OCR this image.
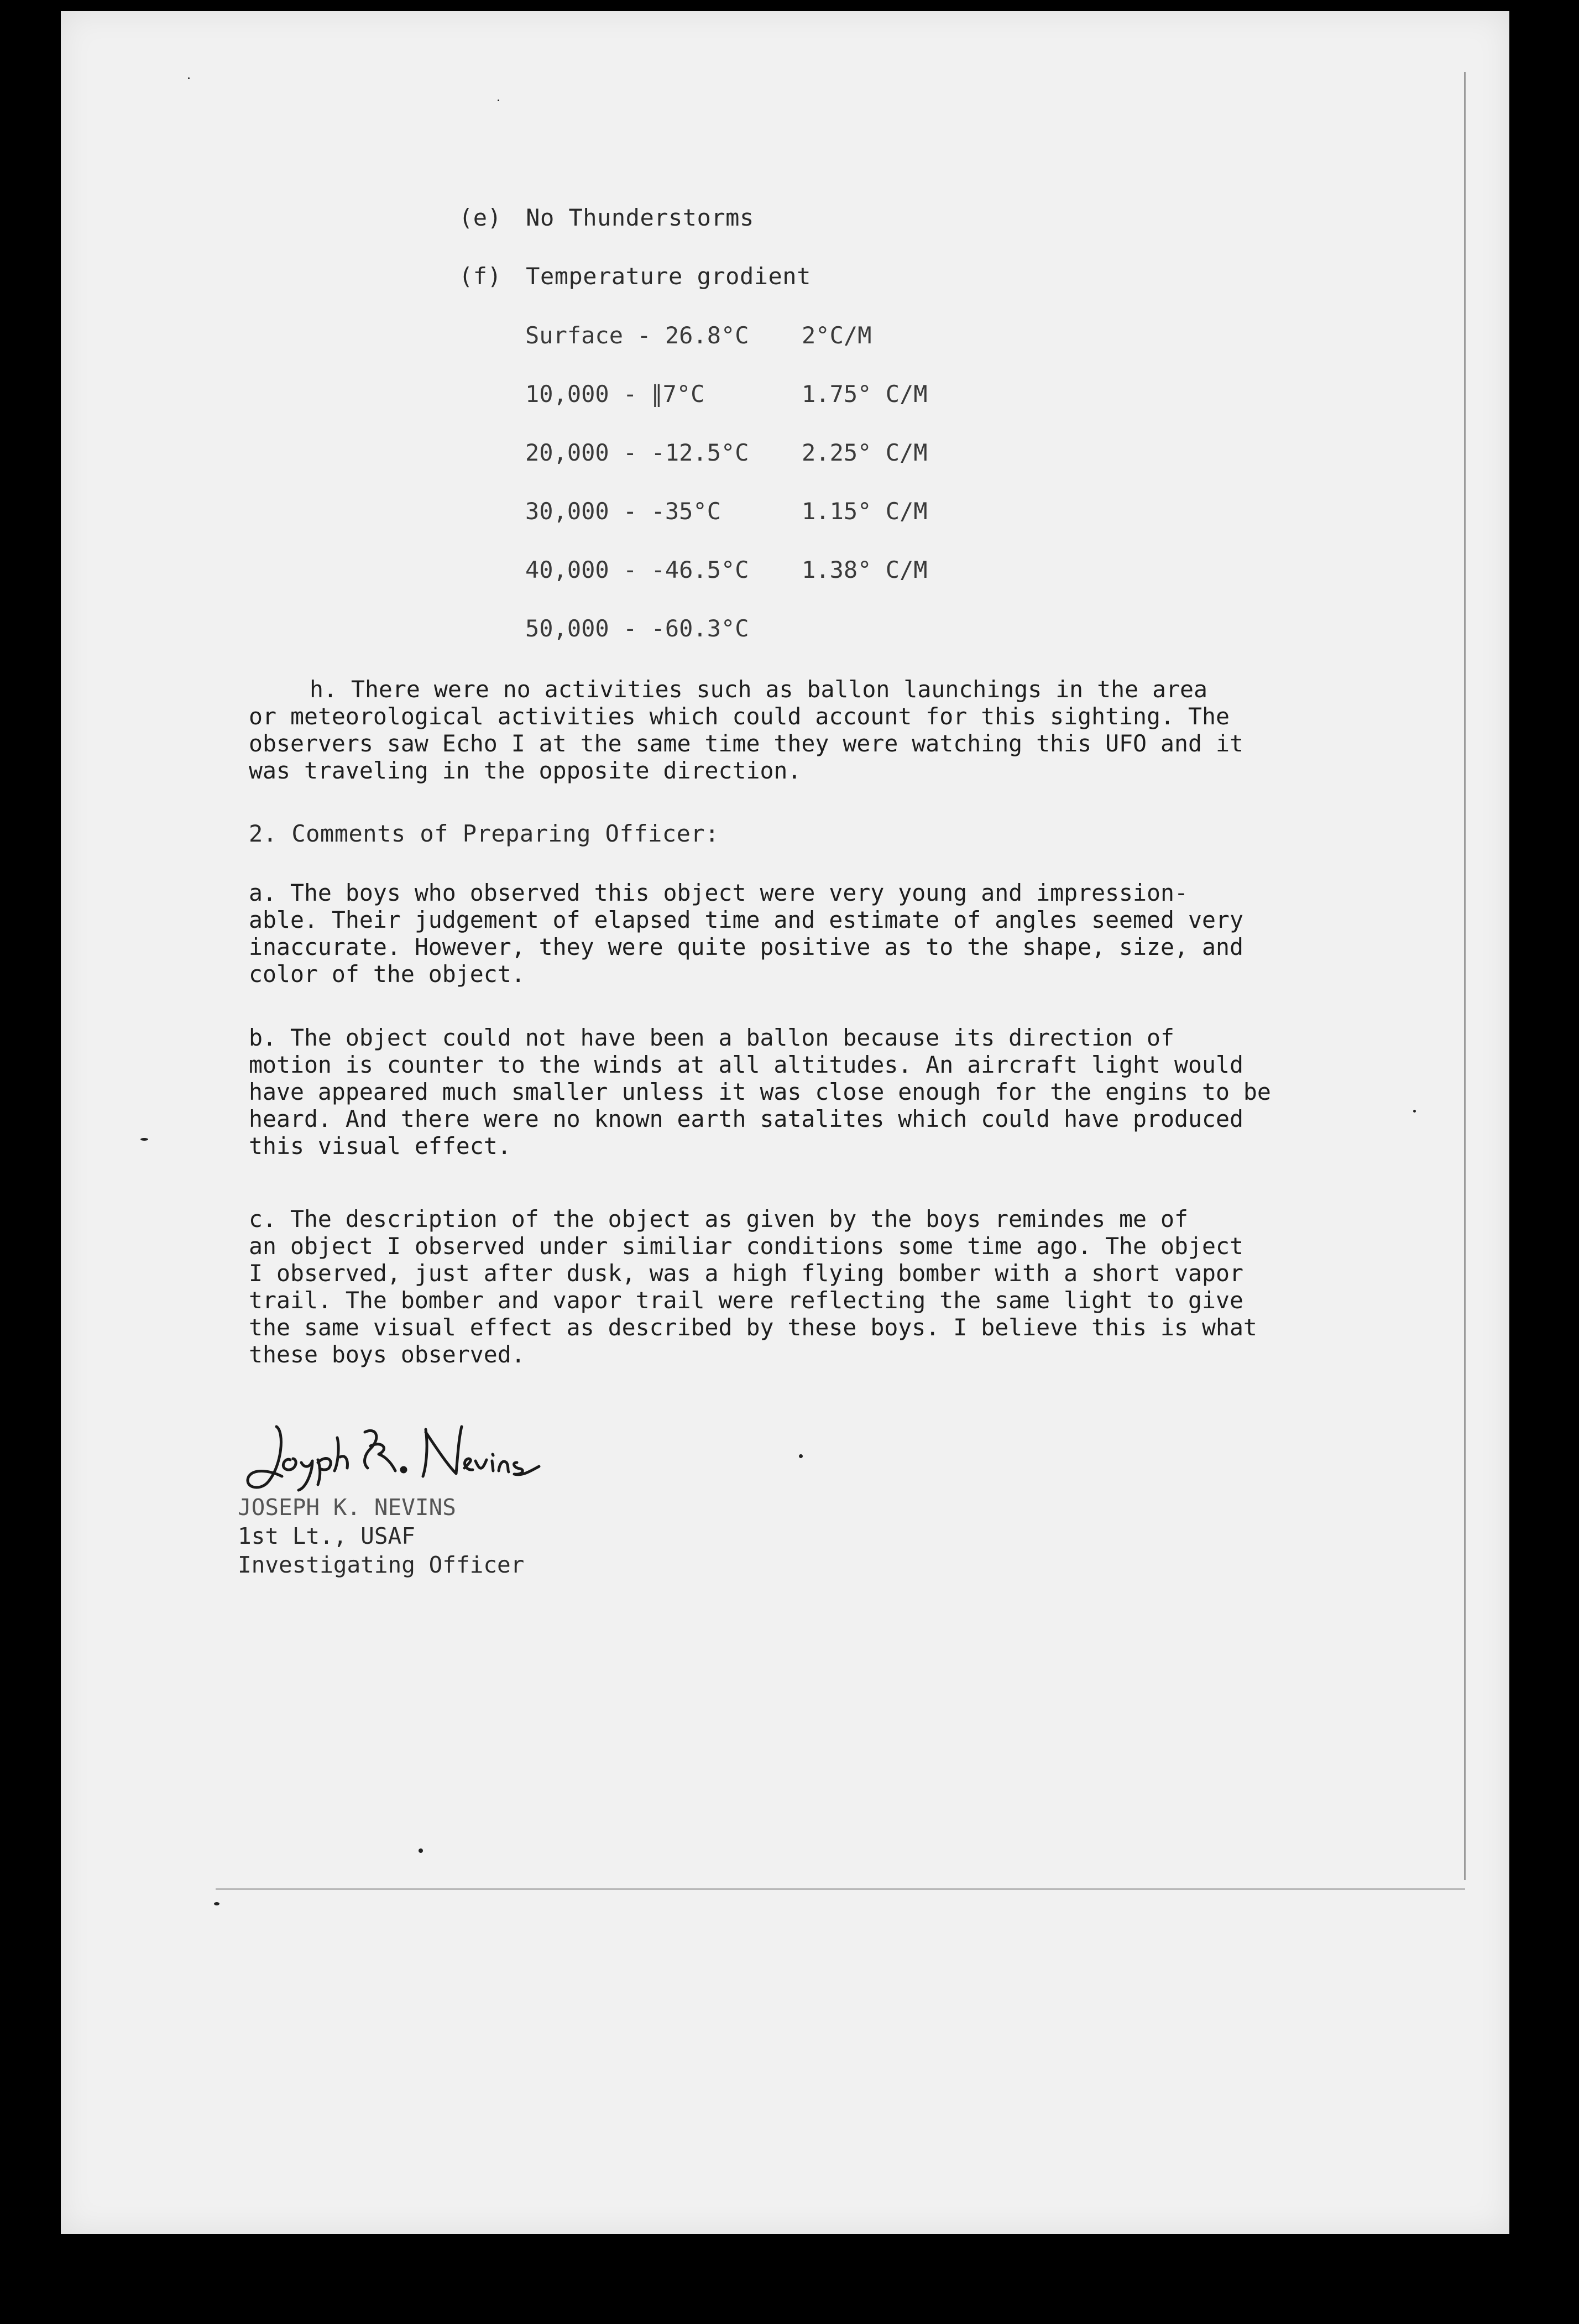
(e) No Thunderstorms
(f) Temperature grodient
Surface - 26.8°C 2°C/M
10,000 - ∥7°C	1.75° C/M
20,000 - -12.5°C 2.25° C/M
30,000 - -35°C	1.15° C/M
40,000 - -46.5°C 1.38° C/M
50,000 - -60.3°C
h. There were no activities such as ballon launchings in the area
or meteorological activities which could account for this sighting. The
observers saw Echo I at the same time they were watching this UFO and it
was traveling in the opposite direction.
2. Comments of Preparing Officer:
a. The boys who observed this object were very young and impression-
able. Their judgement of elapsed time and estimate of angles seemed very
inaccurate. However, they were quite positive as to the shape, size, and
color of the object.
b. The object could not have been a ballon because its direction of
motion is counter to the winds at all altitudes. An aircraft light would
have appeared much smaller unless it was close enough for the engins to be
heard. And there were no known earth satalites which could have produced
this visual effect.
c. The description of the object as given by the boys remindes me of
an object I observed under similiar conditions some time ago. The object
I observed, just after dusk, was a high flying bomber with a short vapor
trail. The bomber and vapor trail were reflecting the same light to give
the same visual effect as described by these boys. I believe this is what
these boys observed.
JOSEPH K. NEVINS
1st Lt., USAF
Investigating Officer
